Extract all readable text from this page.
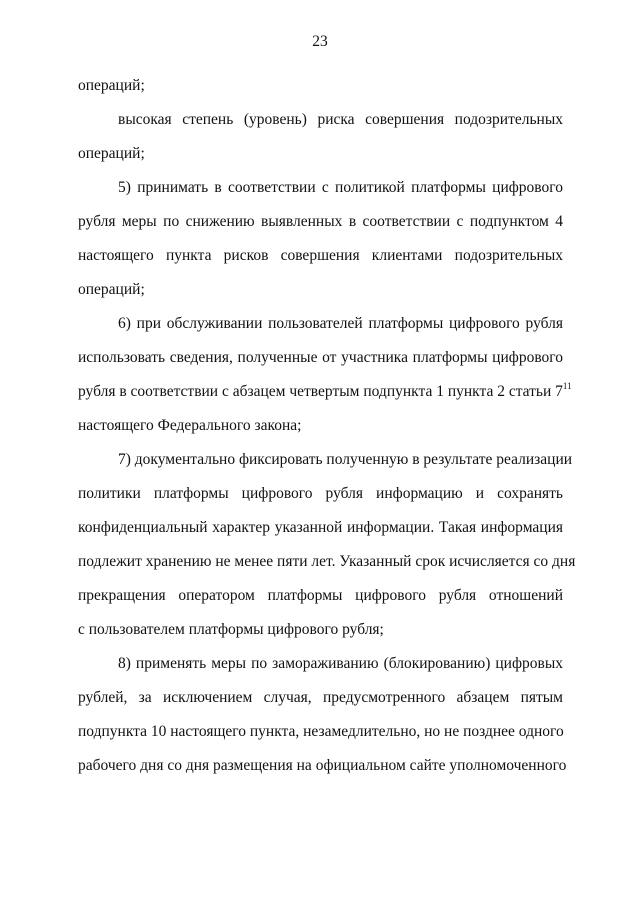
23
операций;
высокая степень (уровень) риска совершения подозрительных
операций;
5) принимать в соответствии с политикой платформы цифрового
рубля меры по снижению выявленных в соответствии с подпунктом 4
настоящего пункта рисков совершения клиентами подозрительных
операций;
6) при обслуживании пользователей платформы цифрового рубля
использовать сведения, полученные от участника платформы цифрового
рубля в соответствии с абзацем четвертым подпункта 1 пункта 2 статьи $7^{11}$
настоящего Федерального закона;
7) документально фиксировать полученную в результате реализации
политики платформы цифрового рубля информацию и сохранять
конфиденциальный характер указанной информации. Такая информация
подлежит хранению не менее пяти лет. Указанный срок исчисляется со дня
прекращения оператором платформы цифрового рубля отношений
с пользователем платформы цифрового рубля;
8) применять меры по замораживанию (блокированию) цифровых
рублей, за исключением случая, предусмотренного абзацем пятым
подпункта 10 настоящего пункта, незамедлительно, но не позднее одного
рабочего дня со дня размещения на официальном сайте уполномоченного
